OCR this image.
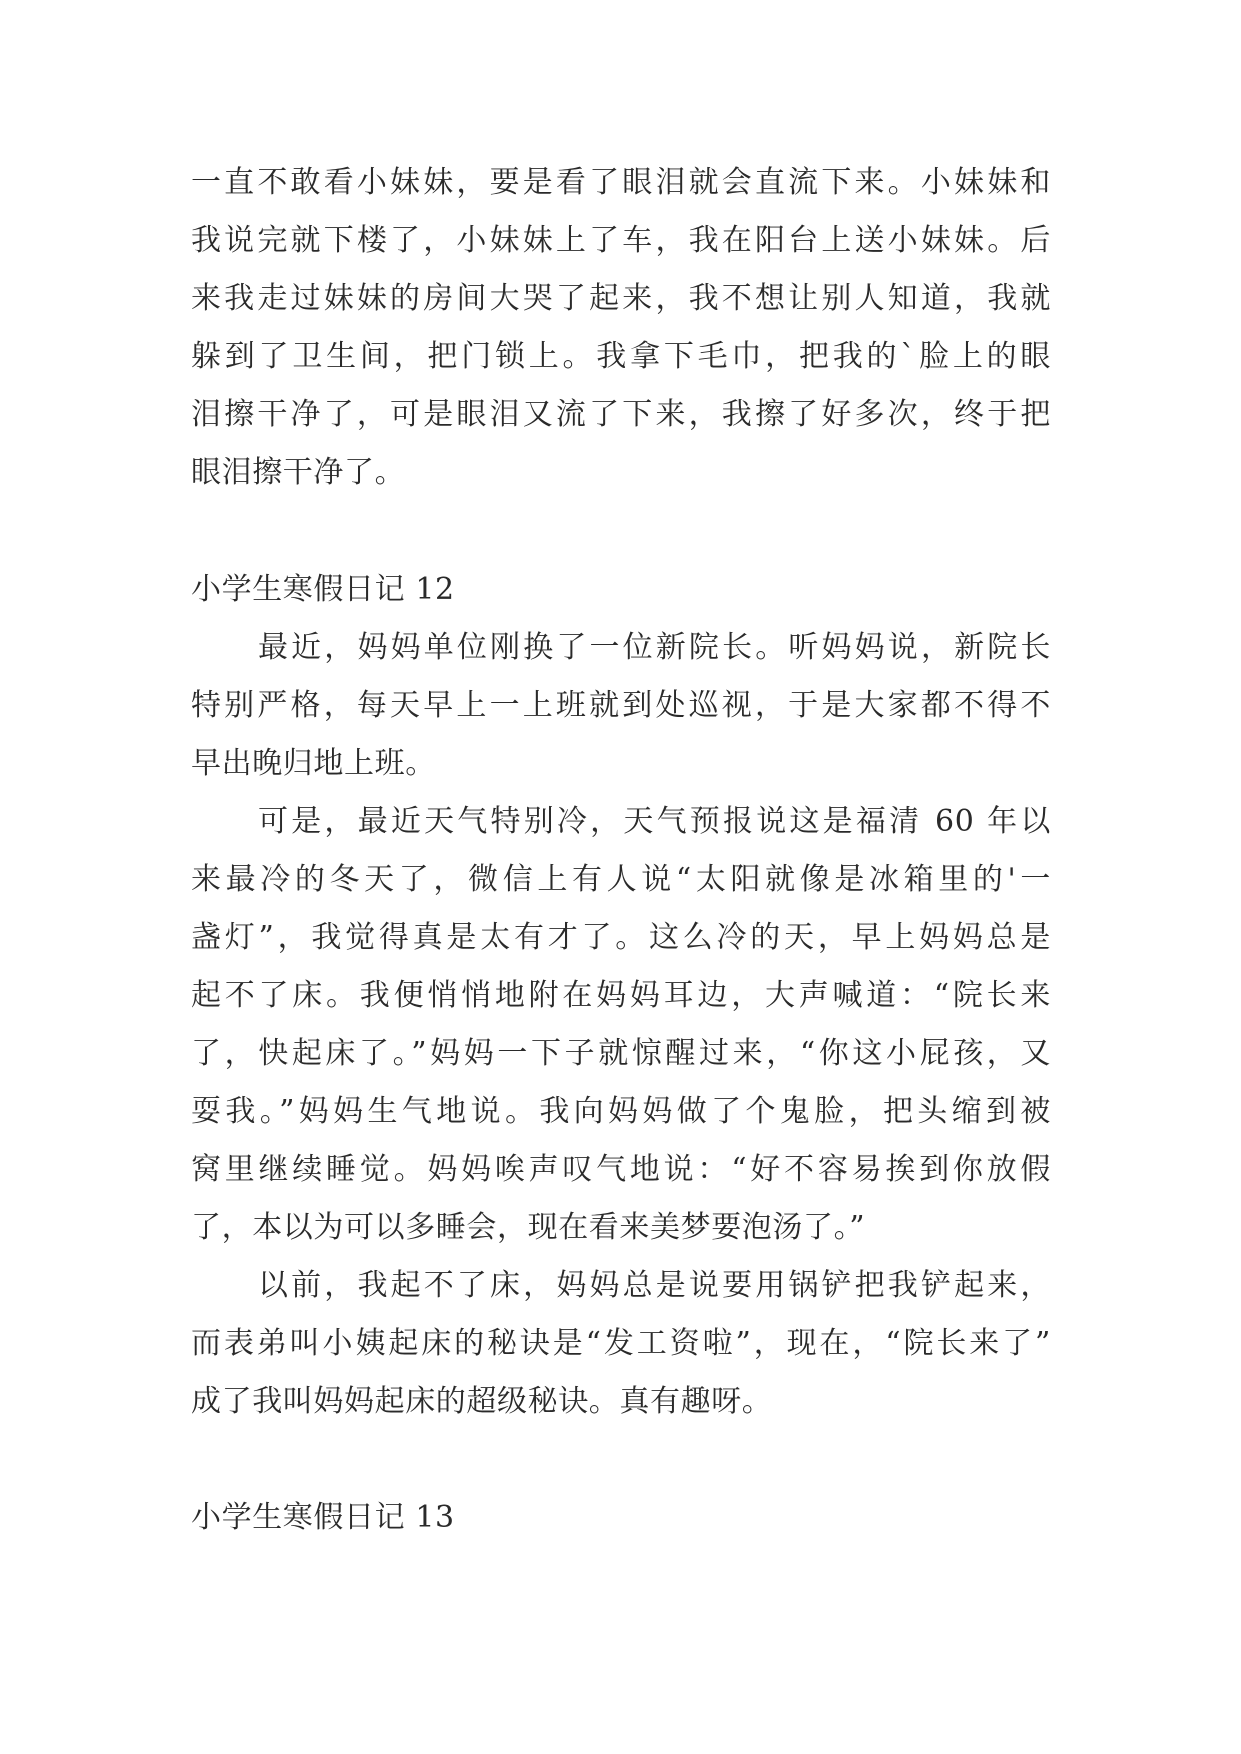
一直不敢看小妹妹，要是看了眼泪就会直流下来。小妹妹和
我说完就下楼了，小妹妹上了车，我在阳台上送小妹妹。后
来我走过妹妹的房间大哭了起来，我不想让别人知道，我就
躲到了卫生间，把门锁上。我拿下毛巾，把我的`脸上的眼
泪擦干净了，可是眼泪又流了下来，我擦了好多次，终于把
眼泪擦干净了。
小学生寒假日记 12
最近，妈妈单位刚换了一位新院长。听妈妈说，新院长
特别严格，每天早上一上班就到处巡视，于是大家都不得不
早出晚归地上班。
可是，最近天气特别冷，天气预报说这是福清 60 年以
来最冷的冬天了，微信上有人说“太阳就像是冰箱里的'一
盏灯”，我觉得真是太有才了。这么冷的天，早上妈妈总是
起不了床。我便悄悄地附在妈妈耳边，大声喊道：“院长来
了，快起床了。”妈妈一下子就惊醒过来，“你这小屁孩，又
耍我。”妈妈生气地说。我向妈妈做了个鬼脸，把头缩到被
窝里继续睡觉。妈妈唉声叹气地说：“好不容易挨到你放假
了，本以为可以多睡会，现在看来美梦要泡汤了。”
以前，我起不了床，妈妈总是说要用锅铲把我铲起来，
而表弟叫小姨起床的秘诀是“发工资啦”，现在，“院长来了”
成了我叫妈妈起床的超级秘诀。真有趣呀。
小学生寒假日记 13
